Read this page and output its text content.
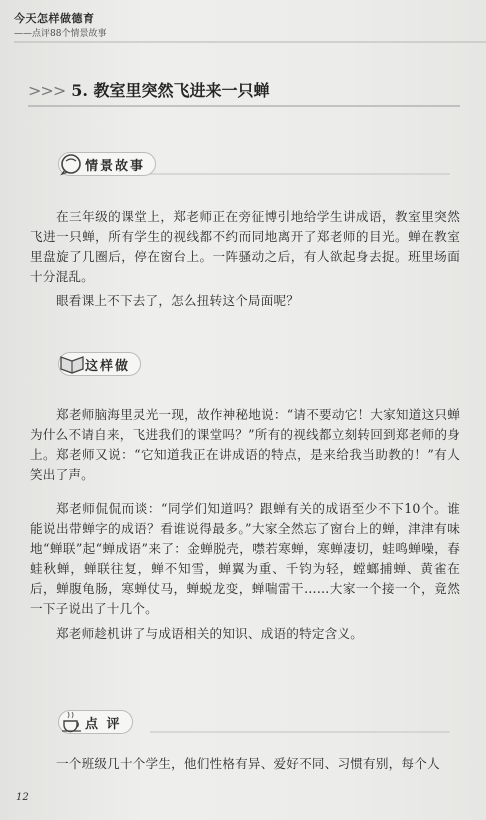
今天怎样做德育
——点评88个情景故事
>>> 5. 教室里突然飞进来一只蝉
情景故事
在三年级的课堂上，郑老师正在旁征博引地给学生讲成语，教室里突然飞进一只蝉，所有学生的视线都不约而同地离开了郑老师的目光。蝉在教室里盘旋了几圈后，停在窗台上。一阵骚动之后，有人欲起身去捉。班里场面十分混乱。
眼看课上不下去了，怎么扭转这个局面呢？
这样做
郑老师脑海里灵光一现，故作神秘地说：“请不要动它！大家知道这只蝉为什么不请自来，飞进我们的课堂吗？”所有的视线都立刻转回到郑老师的身上。郑老师又说：“它知道我正在讲成语的特点，是来给我当助教的！”有人笑出了声。
郑老师侃侃而谈：“同学们知道吗？跟蝉有关的成语至少不下10个。谁能说出带蝉字的成语？看谁说得最多。”大家全然忘了窗台上的蝉，津津有味地“蝉联”起“蝉成语”来了：金蝉脱壳，噤若寒蝉，寒蝉凄切，蛙鸣蝉噪，春蛙秋蝉，蝉联往复，蝉不知雪，蝉翼为重、千钧为轻，螳螂捕蝉、黄雀在后，蝉腹龟肠，寒蝉仗马，蝉蜕龙变，蝉喘雷干……大家一个接一个，竟然一下子说出了十几个。
郑老师趁机讲了与成语相关的知识、成语的特定含义。
点 评
一个班级几十个学生，他们性格有异、爱好不同、习惯有别，每个人
12
